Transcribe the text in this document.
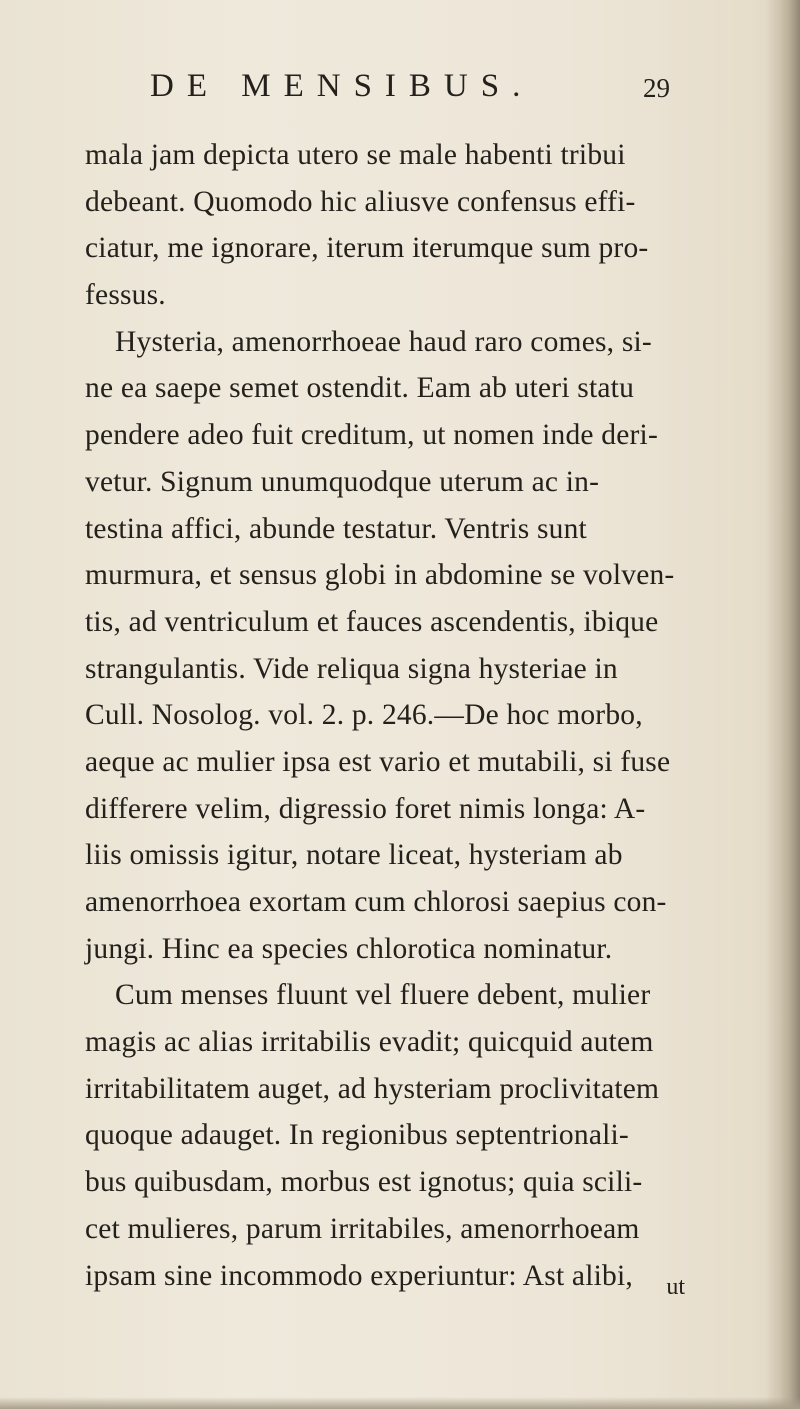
DE MENSIBUS.	29
mala jam depicta utero se male habenti tribui
debeant. Quomodo hic aliusve confensus effi-
ciatur, me ignorare, iterum iterumque sum pro-
fessus.
Hysteria, amenorrhoeae haud raro comes, si-
ne ea saepe semet ostendit. Eam ab uteri statu
pendere adeo fuit creditum, ut nomen inde deri-
vetur. Signum unumquodque uterum ac in-
testina affici, abunde testatur. Ventris sunt
murmura, et sensus globi in abdomine se volven-
tis, ad ventriculum et fauces ascendentis, ibique
strangulantis. Vide reliqua signa hysteriae in
Cull. Nosolog. vol. 2. p. 246.—De hoc morbo,
aeque ac mulier ipsa est vario et mutabili, si fuse
differere velim, digressio foret nimis longa: A-
liis omissis igitur, notare liceat, hysteriam ab
amenorrhoea exortam cum chlorosi saepius con-
jungi. Hinc ea species chlorotica nominatur.
Cum menses fluunt vel fluere debent, mulier
magis ac alias irritabilis evadit; quicquid autem
irritabilitatem auget, ad hysteriam proclivitatem
quoque adauget. In regionibus septentrionali-
bus quibusdam, morbus est ignotus; quia scili-
cet mulieres, parum irritabiles, amenorrhoeam
ipsam sine incommodo experiuntur: Ast alibi,	ut
